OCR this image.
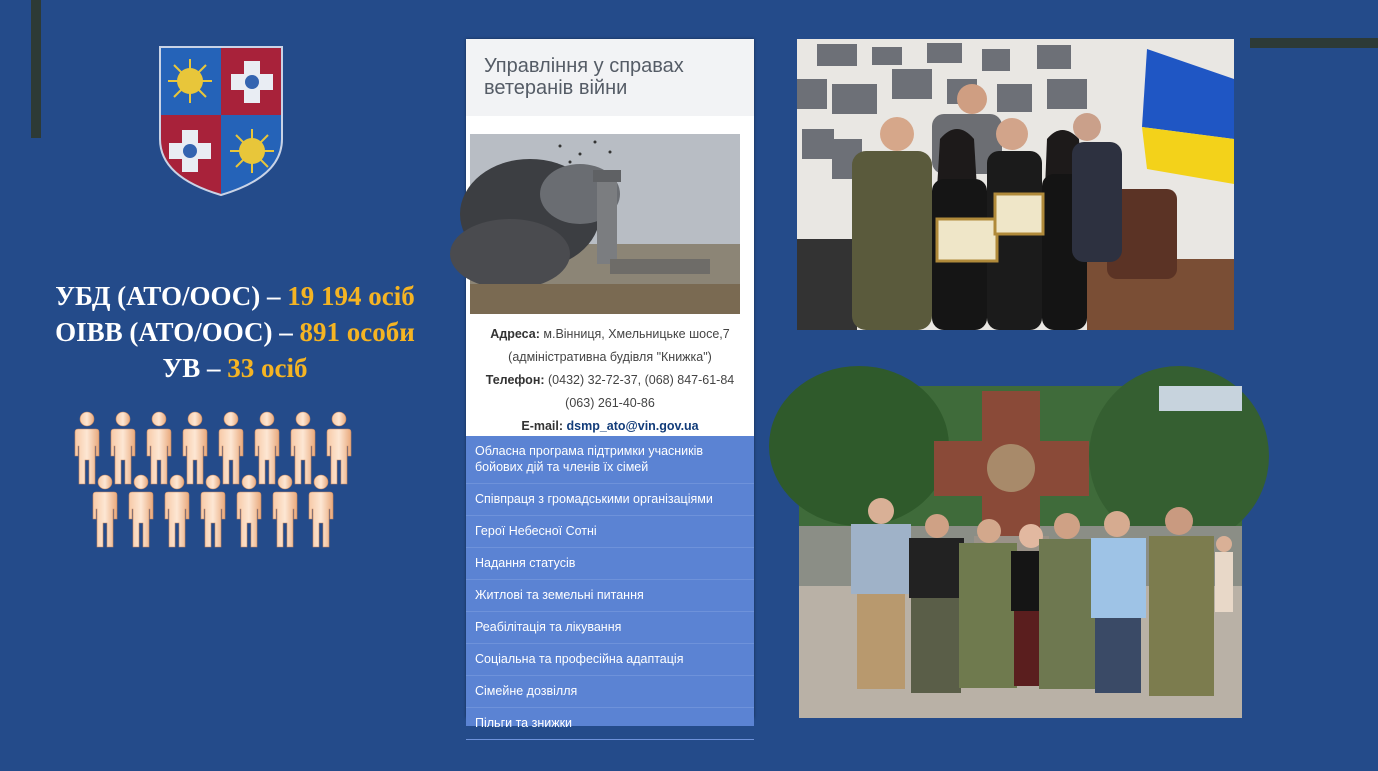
УБД (АТО/ООС) – 19 194 осіб
ОІВВ (АТО/ООС) – 891 особи
УВ – 33 осіб
Управління у справах ветеранів війни
Адреса: м.Вінниця, Хмельницьке шосе,7
(адміністративна будівля "Книжка")
Телефон: (0432) 32-72-37, (068) 847-61-84
(063) 261-40-86
E-mail: dsmp_ato@vin.gov.ua
Обласна програма підтримки учасників бойових дій та членів їх сімей
Співпраця з громадськими організаціями
Герої Небесної Сотні
Надання статусів
Житлові та земельні питання
Реабілітація та лікування
Соціальна та професійна адаптація
Сімейне дозвілля
Пільги та знижки
